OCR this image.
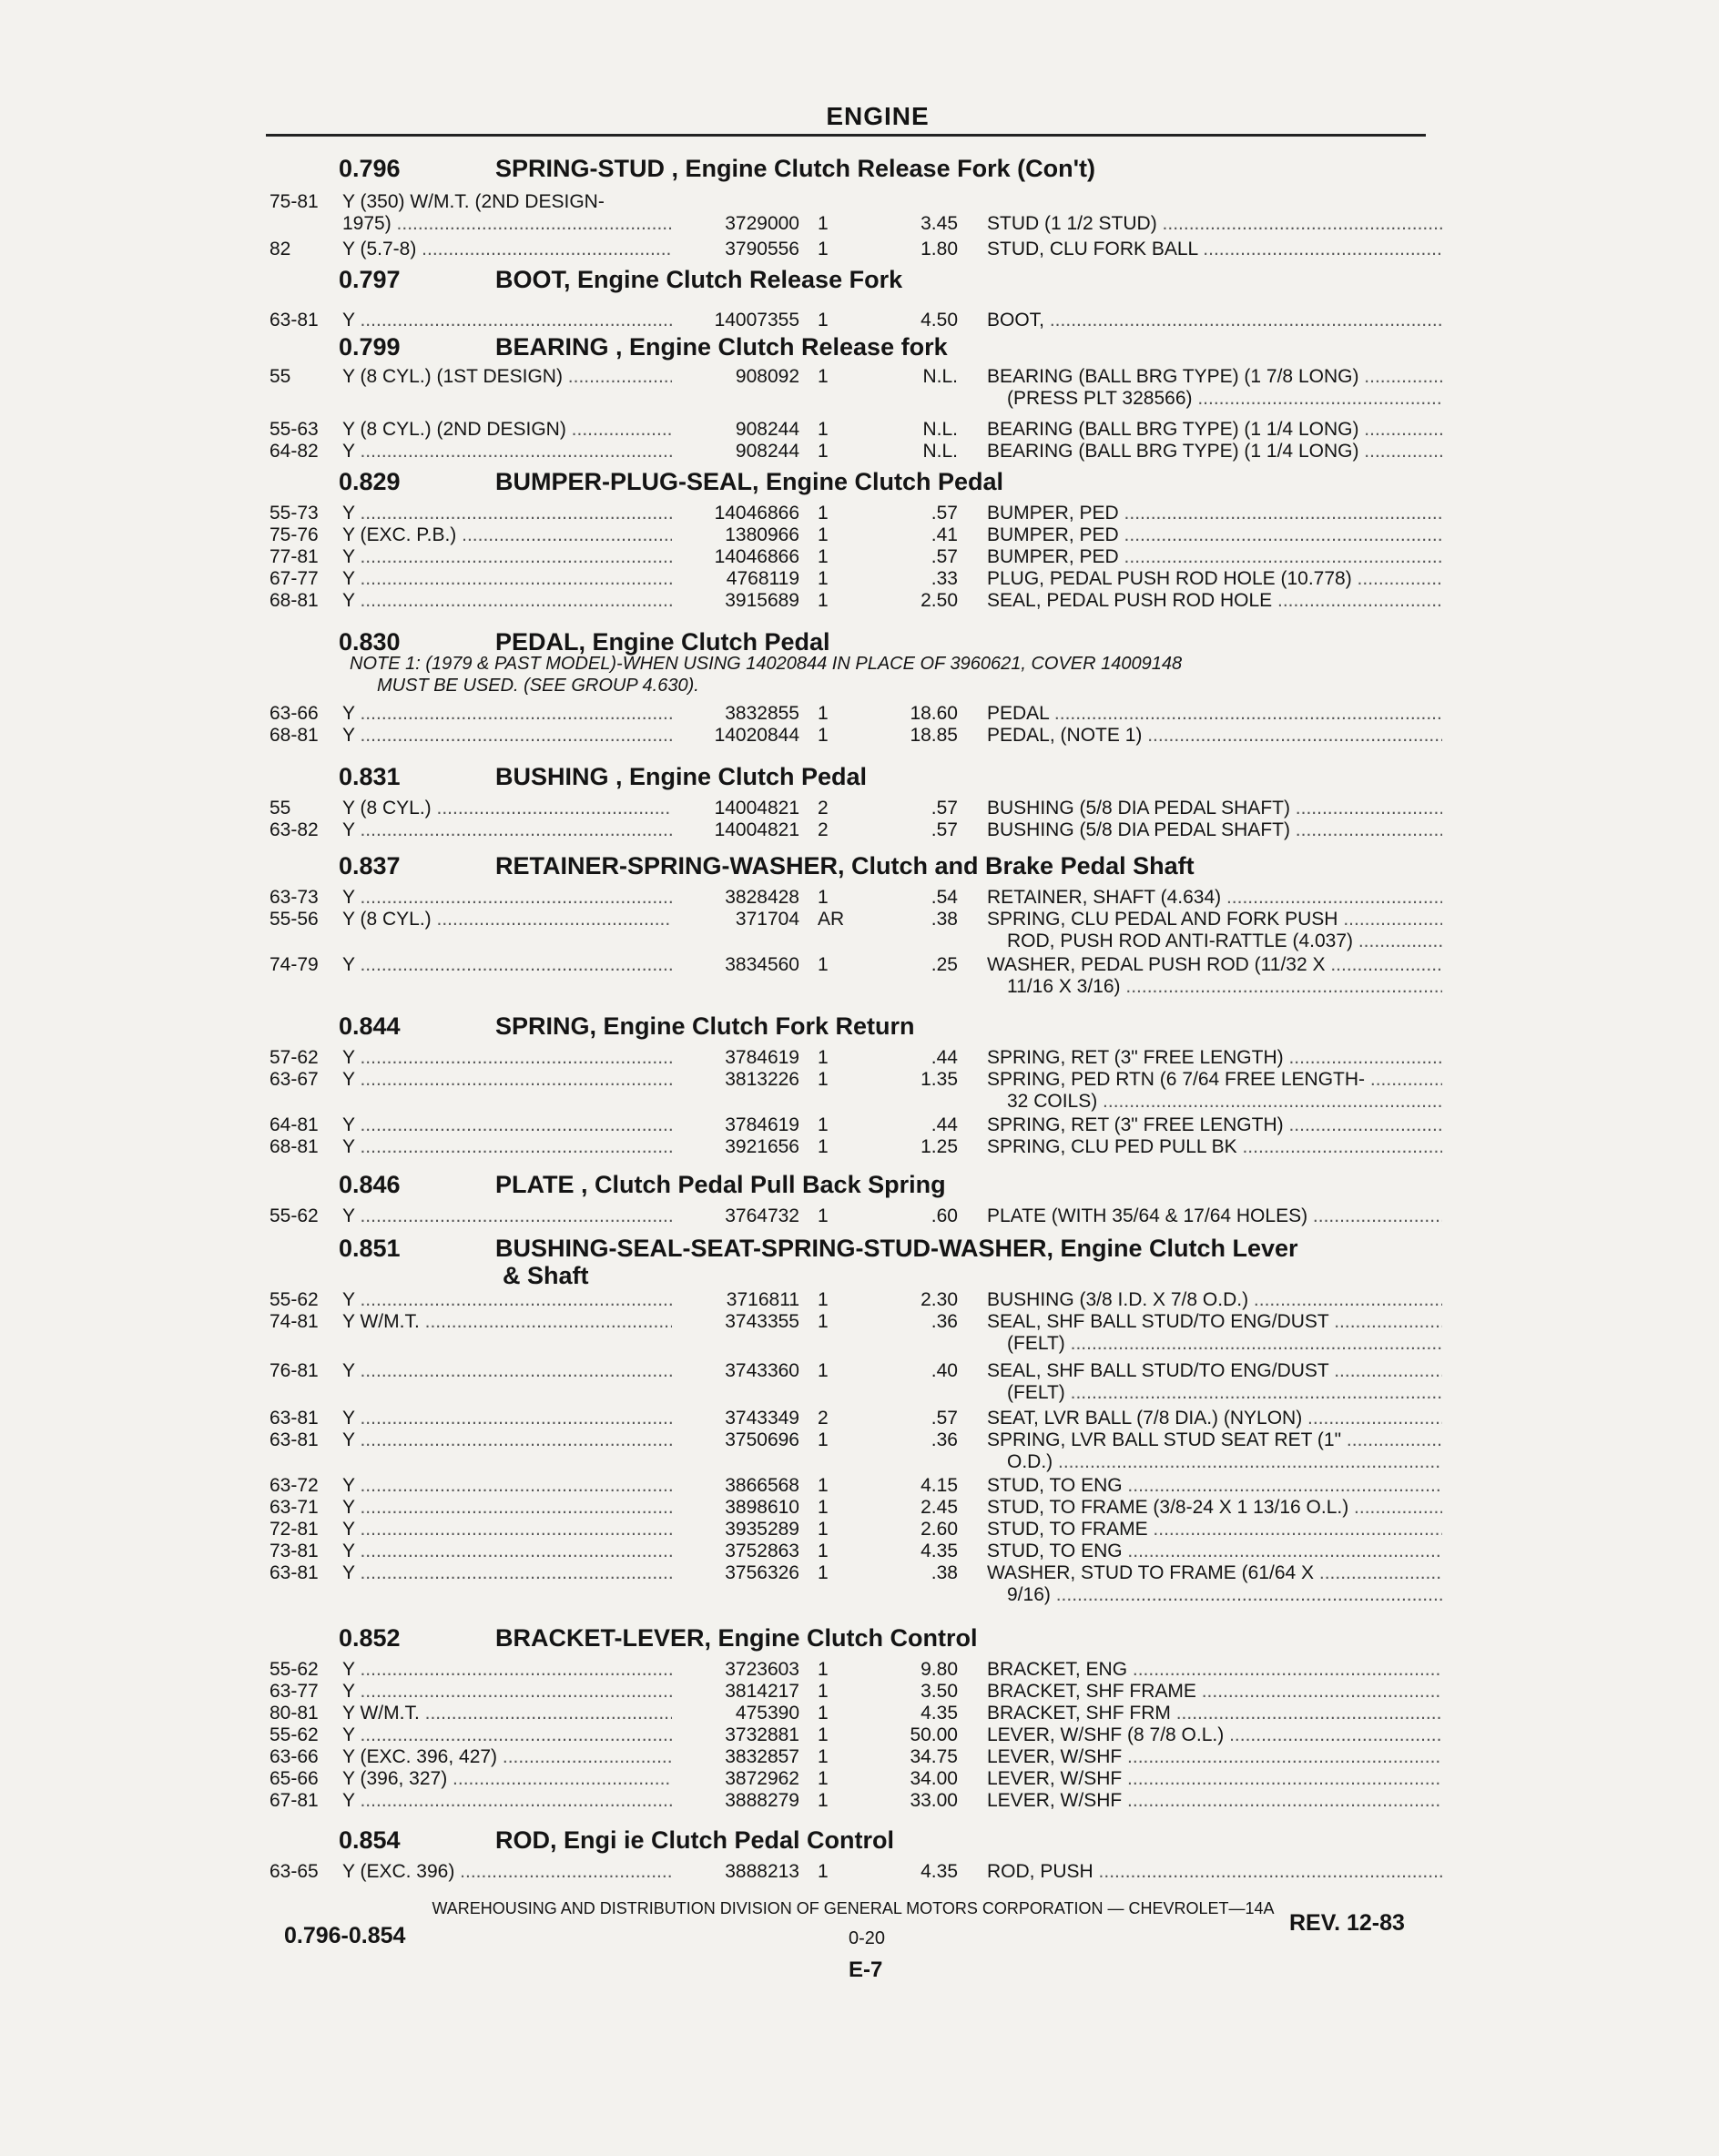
ENGINE
0.796	SPRING-STUD , Engine Clutch Release Fork (Con't)
0.797	BOOT, Engine Clutch Release Fork
0.799	BEARING , Engine Clutch Release fork
0.829	BUMPER-PLUG-SEAL, Engine Clutch Pedal
0.830	PEDAL, Engine Clutch Pedal
0.831	BUSHING , Engine Clutch Pedal
0.837	RETAINER-SPRING-WASHER, Clutch and Brake Pedal Shaft
0.844	SPRING, Engine Clutch Fork Return
0.846	PLATE , Clutch Pedal Pull Back Spring
0.851	BUSHING-SEAL-SEAT-SPRING-STUD-WASHER, Engine Clutch Lever
& Shaft
0.852	BRACKET-LEVER, Engine Clutch Control
0.854	ROD, Engi ie Clutch Pedal Control
NOTE 1: (1979 & PAST MODEL)-WHEN USING 14020844 IN PLACE OF 3960621, COVER 14009148
MUST BE USED. (SEE GROUP 4.630).
75-81 Y (350) W/M.T. (2ND DESIGN-
1975) .....	3729000 1	3.45 STUD (1 1/2 STUD) .....
82	Y (5.7-8) .....	3790556 1	1.80 STUD, CLU FORK BALL .....
63-81 Y .....	14007355 1	4.50 BOOT, .....
55	Y (8 CYL.) (1ST DESIGN) .....	908092 1	N.L. BEARING (BALL BRG TYPE) (1 7/8 LONG) .....
(PRESS PLT 328566) .....
55-63 Y (8 CYL.) (2ND DESIGN) .....	908244 1	N.L. BEARING (BALL BRG TYPE) (1 1/4 LONG) .....
64-82 Y .....	908244 1	N.L. BEARING (BALL BRG TYPE) (1 1/4 LONG) .....
55-73 Y .....	14046866 1	.57 BUMPER, PED .....
75-76 Y (EXC. P.B.) .....	1380966 1	.41 BUMPER, PED .....
77-81 Y .....	14046866 1	.57 BUMPER, PED .....
67-77 Y .....	4768119 1	.33 PLUG, PEDAL PUSH ROD HOLE (10.778) .....
68-81 Y .....	3915689 1	2.50 SEAL, PEDAL PUSH ROD HOLE .....
63-66 Y .....	3832855 1	18.60 PEDAL .....
68-81 Y .....	14020844 1	18.85 PEDAL, (NOTE 1) .....
55	Y (8 CYL.) .....	14004821 2	.57 BUSHING (5/8 DIA PEDAL SHAFT) .....
63-82 Y .....	14004821 2	.57 BUSHING (5/8 DIA PEDAL SHAFT) .....
63-73 Y .....	3828428 1	.54 RETAINER, SHAFT (4.634) .....
55-56 Y (8 CYL.) .....	371704 AR	.38 SPRING, CLU PEDAL AND FORK PUSH .....
ROD, PUSH ROD ANTI-RATTLE (4.037) .....
74-79 Y .....	3834560 1	.25 WASHER, PEDAL PUSH ROD (11/32 X .....
11/16 X 3/16) .....
57-62 Y .....	3784619 1	.44 SPRING, RET (3" FREE LENGTH) .....
63-67 Y .....	3813226 1	1.35 SPRING, PED RTN (6 7/64 FREE LENGTH- .....
32 COILS) .....
64-81 Y .....	3784619 1	.44 SPRING, RET (3" FREE LENGTH) .....
68-81 Y .....	3921656 1	1.25 SPRING, CLU PED PULL BK .....
55-62 Y .....	3764732 1	.60 PLATE (WITH 35/64 & 17/64 HOLES) .....
55-62 Y .....	3716811 1	2.30 BUSHING (3/8 I.D. X 7/8 O.D.) .....
74-81 Y W/M.T. .....	3743355 1	.36 SEAL, SHF BALL STUD/TO ENG/DUST .....
(FELT) .....
76-81 Y .....	3743360 1	.40 SEAL, SHF BALL STUD/TO ENG/DUST .....
(FELT) .....
63-81 Y .....	3743349 2	.57 SEAT, LVR BALL (7/8 DIA.) (NYLON) .....
63-81 Y .....	3750696 1	.36 SPRING, LVR BALL STUD SEAT RET (1" .....
O.D.) .....
63-72 Y .....	3866568 1	4.15 STUD, TO ENG .....
63-71 Y .....	3898610 1	2.45 STUD, TO FRAME (3/8-24 X 1 13/16 O.L.) .....
72-81 Y .....	3935289 1	2.60 STUD, TO FRAME .....
73-81 Y .....	3752863 1	4.35 STUD, TO ENG .....
63-81 Y .....	3756326 1	.38 WASHER, STUD TO FRAME (61/64 X .....
9/16) .....
55-62 Y .....	3723603 1	9.80 BRACKET, ENG .....
63-77 Y .....	3814217 1	3.50 BRACKET, SHF FRAME .....
80-81 Y W/M.T. .....	475390 1	4.35 BRACKET, SHF FRM .....
55-62 Y .....	3732881 1	50.00 LEVER, W/SHF (8 7/8 O.L.) .....
63-66 Y (EXC. 396, 427) .....	3832857 1	34.75 LEVER, W/SHF .....
65-66 Y (396, 327) .....	3872962 1	34.00 LEVER, W/SHF .....
67-81 Y .....	3888279 1	33.00 LEVER, W/SHF .....
63-65 Y (EXC. 396) .....	3888213 1	4.35 ROD, PUSH .....
WAREHOUSING AND DISTRIBUTION DIVISION OF GENERAL MOTORS CORPORATION — CHEVROLET—14A
0.796-0.854	0-20
REV. 12-83
E-7
